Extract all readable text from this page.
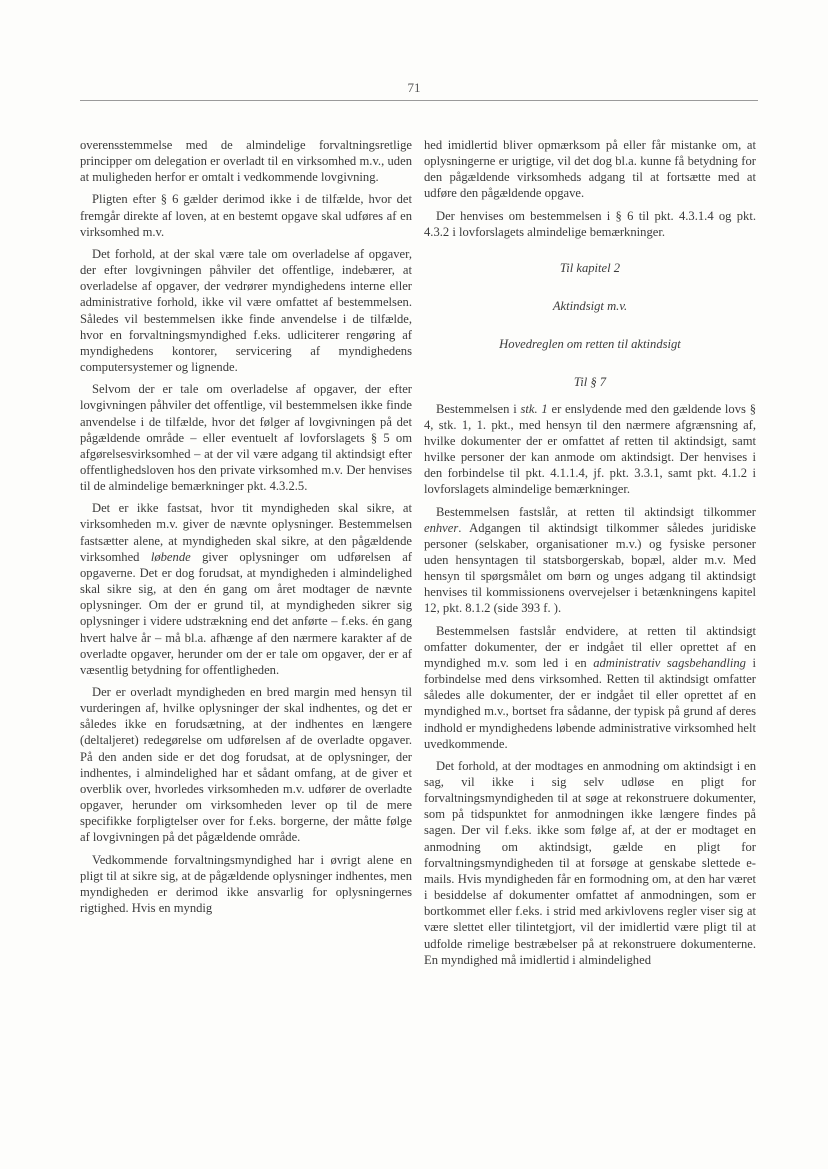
71

overensstemmelse med de almindelige forvaltningsretlige principper om delegation er overladt til en virksomhed m.v., uden at muligheden herfor er omtalt i vedkommende lovgivning.

Pligten efter § 6 gælder derimod ikke i de tilfælde, hvor det fremgår direkte af loven, at en bestemt opgave skal udføres af en virksomhed m.v.

Det forhold, at der skal være tale om overladelse af opgaver, der efter lovgivningen påhviler det offentlige, indebærer, at overladelse af opgaver, der vedrører myndighedens interne eller administrative forhold, ikke vil være omfattet af bestemmelsen. Således vil bestemmelsen ikke finde anvendelse i de tilfælde, hvor en forvaltningsmyndighed f.eks. udliciterer rengøring af myndighedens kontorer, servicering af myndighedens computersystemer og lignende.

Selvom der er tale om overladelse af opgaver, der efter lovgivningen påhviler det offentlige, vil bestemmelsen ikke finde anvendelse i de tilfælde, hvor det følger af lovgivningen på det pågældende område – eller eventuelt af lovforslagets § 5 om afgørelsesvirksomhed – at der vil være adgang til aktindsigt efter offentlighedsloven hos den private virksomhed m.v. Der henvises til de almindelige bemærkninger pkt. 4.3.2.5.

Det er ikke fastsat, hvor tit myndigheden skal sikre, at virksomheden m.v. giver de nævnte oplysninger. Bestemmelsen fastsætter alene, at myndigheden skal sikre, at den pågældende virksomhed løbende giver oplysninger om udførelsen af opgaverne. Det er dog forudsat, at myndigheden i almindelighed skal sikre sig, at den én gang om året modtager de nævnte oplysninger. Om der er grund til, at myndigheden sikrer sig oplysninger i videre udstrækning end det anførte – f.eks. én gang hvert halve år – må bl.a. afhænge af den nærmere karakter af de overladte opgaver, herunder om der er tale om opgaver, der er af væsentlig betydning for offentligheden.

Der er overladt myndigheden en bred margin med hensyn til vurderingen af, hvilke oplysninger der skal indhentes, og det er således ikke en forudsætning, at der indhentes en længere (deltaljeret) redegørelse om udførelsen af de overladte opgaver. På den anden side er det dog forudsat, at de oplysninger, der indhentes, i almindelighed har et sådant omfang, at de giver et overblik over, hvorledes virksomheden m.v. udfører de overladte opgaver, herunder om virksomheden lever op til de mere specifikke forpligtelser over for f.eks. borgerne, der måtte følge af lovgivningen på det pågældende område.

Vedkommende forvaltningsmyndighed har i øvrigt alene en pligt til at sikre sig, at de pågældende oplysninger indhentes, men myndigheden er derimod ikke ansvarlig for oplysningernes rigtighed. Hvis en myndig

hed imidlertid bliver opmærksom på eller får mistanke om, at oplysningerne er urigtige, vil det dog bl.a. kunne få betydning for den pågældende virksomheds adgang til at fortsætte med at udføre den pågældende opgave.

Der henvises om bestemmelsen i § 6 til pkt. 4.3.1.4 og pkt. 4.3.2 i lovforslagets almindelige bemærkninger.

Til kapitel 2

Aktindsigt m.v.

Hovedreglen om retten til aktindsigt

Til § 7

Bestemmelsen i stk. 1 er enslydende med den gældende lovs § 4, stk. 1, 1. pkt., med hensyn til den nærmere afgrænsning af, hvilke dokumenter der er omfattet af retten til aktindsigt, samt hvilke personer der kan anmode om aktindsigt. Der henvises i den forbindelse til pkt. 4.1.1.4, jf. pkt. 3.3.1, samt pkt. 4.1.2 i lovforslagets almindelige bemærkninger.

Bestemmelsen fastslår, at retten til aktindsigt tilkommer enhver. Adgangen til aktindsigt tilkommer således juridiske personer (selskaber, organisationer m.v.) og fysiske personer uden hensyntagen til statsborgerskab, bopæl, alder m.v. Med hensyn til spørgsmålet om børn og unges adgang til aktindsigt henvises til kommissionens overvejelser i betænkningens kapitel 12, pkt. 8.1.2 (side 393 f. ).

Bestemmelsen fastslår endvidere, at retten til aktindsigt omfatter dokumenter, der er indgået til eller oprettet af en myndighed m.v. som led i en administrativ sagsbehandling i forbindelse med dens virksomhed. Retten til aktindsigt omfatter således alle dokumenter, der er indgået til eller oprettet af en myndighed m.v., bortset fra sådanne, der typisk på grund af deres indhold er myndighedens løbende administrative virksomhed helt uvedkommende.

Det forhold, at der modtages en anmodning om aktindsigt i en sag, vil ikke i sig selv udløse en pligt for forvaltningsmyndigheden til at søge at rekonstruere dokumenter, som på tidspunktet for anmodningen ikke længere findes på sagen. Der vil f.eks. ikke som følge af, at der er modtaget en anmodning om aktindsigt, gælde en pligt for forvaltningsmyndigheden til at forsøge at genskabe slettede e-mails. Hvis myndigheden får en formodning om, at den har været i besiddelse af dokumenter omfattet af anmodningen, som er bortkommet eller f.eks. i strid med arkivlovens regler viser sig at være slettet eller tilintetgjort, vil der imidlertid være pligt til at udfolde rimelige bestræbelser på at rekonstruere dokumenterne. En myndighed må imidlertid i almindelighed
